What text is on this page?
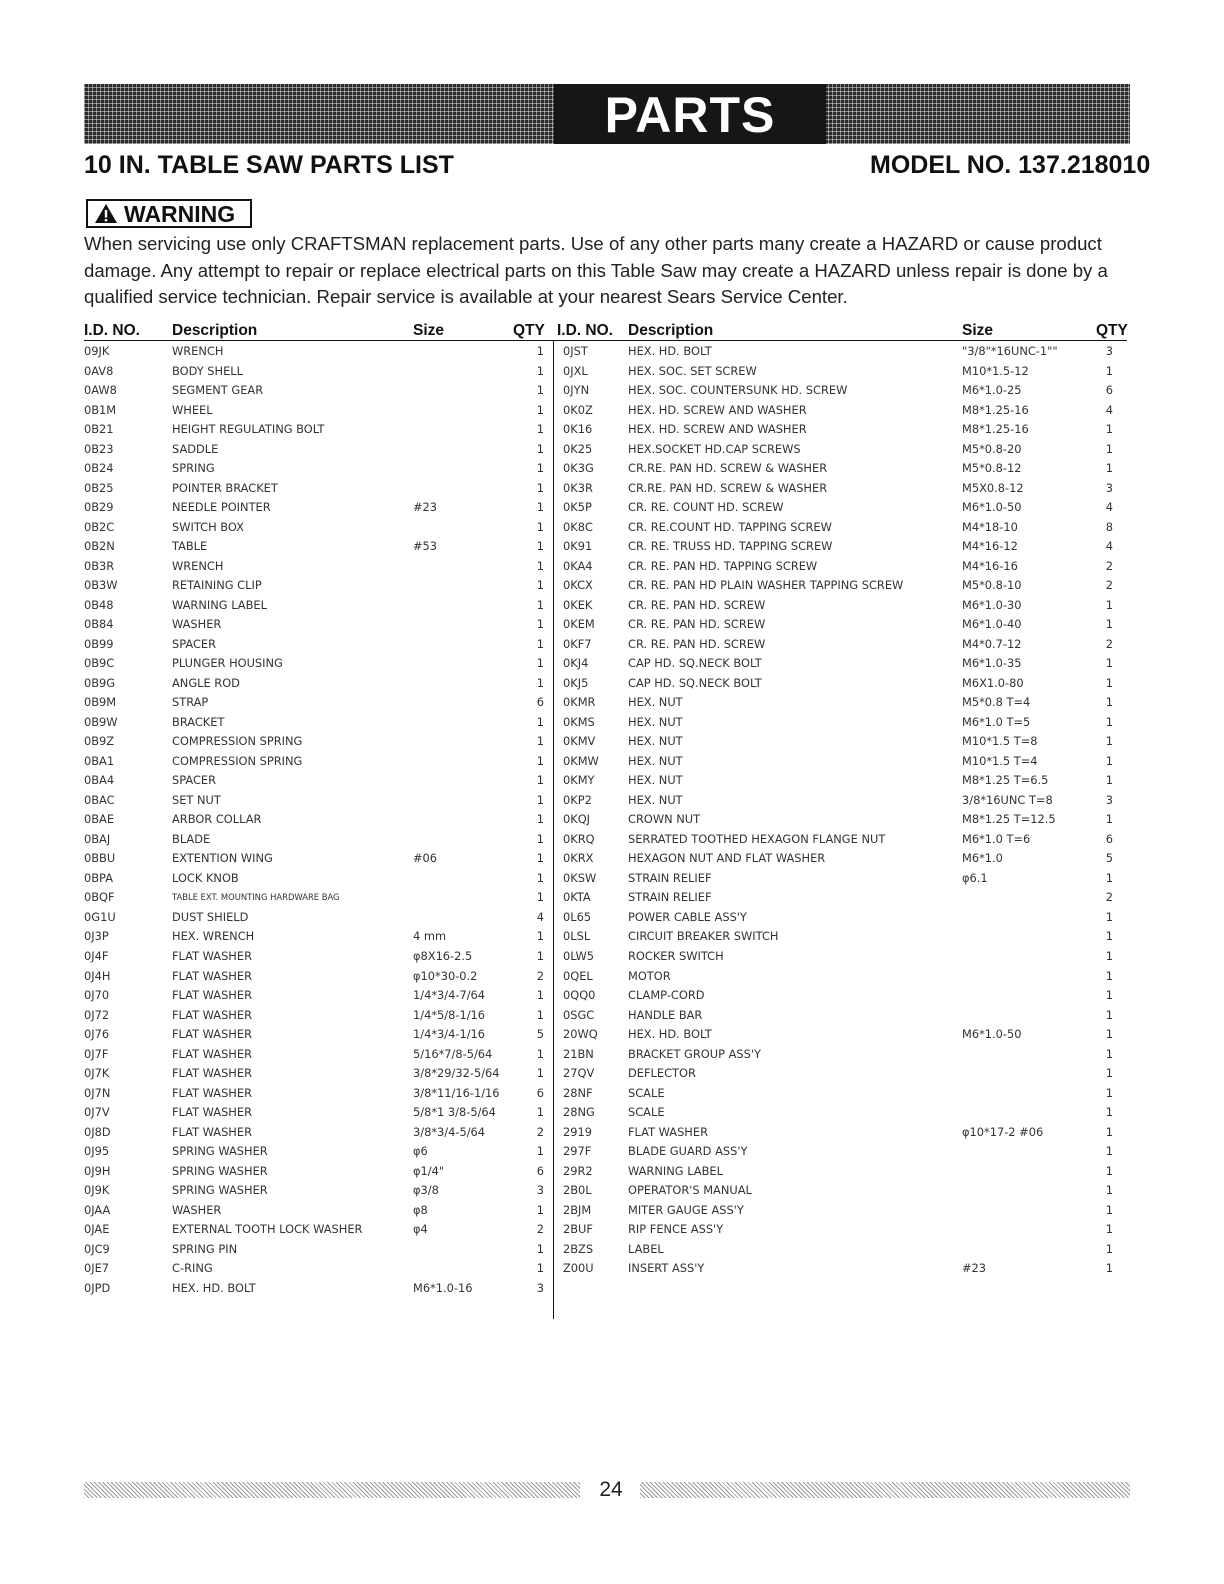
PARTS LIST
10 IN. TABLE SAW PARTS LIST	MODEL NO. 137.218010
WARNING
When servicing use only CRAFTSMAN replacement parts. Use of any other parts many create a HAZARD or cause product damage. Any attempt to repair or replace electrical parts on this Table Saw may create a HAZARD unless repair is done by a qualified service technician. Repair service is available at your nearest Sears Service Center.
I.D. NO. Description	Size	QTY I.D. NO. Description	Size	QTY
09JK	WRENCH	1
0AV8	BODY SHELL	1
0AW8	SEGMENT GEAR	1
0B1M	WHEEL	1
0B21	HEIGHT REGULATING BOLT	1
0B23	SADDLE	1
0B24	SPRING	1
0B25	POINTER BRACKET	1
0B29	NEEDLE POINTER	#23	1
0B2C	SWITCH BOX	1
0B2N	TABLE	#53	1
0B3R	WRENCH	1
0B3W	RETAINING CLIP	1
0B48	WARNING LABEL	1
0B84	WASHER	1
0B99	SPACER	1
0B9C	PLUNGER HOUSING	1
0B9G	ANGLE ROD	1
0B9M	STRAP	6
0B9W	BRACKET	1
0B9Z	COMPRESSION SPRING	1
0BA1	COMPRESSION SPRING	1
0BA4	SPACER	1
0BAC	SET NUT	1
0BAE	ARBOR COLLAR	1
0BAJ	BLADE	1
0BBU	EXTENTION WING	#06	1
0BPA	LOCK KNOB	1
0BQF	TABLE EXT. MOUNTING HARDWARE BAG	1
0G1U	DUST SHIELD	4
0J3P	HEX. WRENCH	4 mm	1
0J4F	FLAT WASHER	φ8X16-2.5	1
0J4H	FLAT WASHER	φ10*30-0.2	2
0J70	FLAT WASHER	1/4*3/4-7/64	1
0J72	FLAT WASHER	1/4*5/8-1/16	1
0J76	FLAT WASHER	1/4*3/4-1/16	5
0J7F	FLAT WASHER	5/16*7/8-5/64	1
0J7K	FLAT WASHER	3/8*29/32-5/64	1
0J7N	FLAT WASHER	3/8*11/16-1/16	6
0J7V	FLAT WASHER	5/8*1 3/8-5/64	1
0J8D	FLAT WASHER	3/8*3/4-5/64	2
0J95	SPRING WASHER	φ6	1
0J9H	SPRING WASHER	φ1/4"	6
0J9K	SPRING WASHER	φ3/8	3
0JAA	WASHER	φ8	1
0JAE	EXTERNAL TOOTH LOCK WASHER	φ4	2
0JC9	SPRING PIN	1
0JE7	C-RING	1
0JPD	HEX. HD. BOLT	M6*1.0-16	3
0JST	HEX. HD. BOLT	"3/8"*16UNC-1""	3
0JXL	HEX. SOC. SET SCREW	M10*1.5-12	1
0JYN	HEX. SOC. COUNTERSUNK HD. SCREW	M6*1.0-25	6
0K0Z	HEX. HD. SCREW AND WASHER	M8*1.25-16	4
0K16	HEX. HD. SCREW AND WASHER	M8*1.25-16	1
0K25	HEX.SOCKET HD.CAP SCREWS	M5*0.8-20	1
0K3G	CR.RE. PAN HD. SCREW & WASHER	M5*0.8-12	1
0K3R	CR.RE. PAN HD. SCREW & WASHER	M5X0.8-12	3
0K5P	CR. RE. COUNT HD. SCREW	M6*1.0-50	4
0K8C	CR. RE.COUNT HD. TAPPING SCREW	M4*18-10	8
0K91	CR. RE. TRUSS HD. TAPPING SCREW	M4*16-12	4
0KA4	CR. RE. PAN HD. TAPPING SCREW	M4*16-16	2
0KCX	CR. RE. PAN HD PLAIN WASHER TAPPING SCREW	M5*0.8-10	2
0KEK	CR. RE. PAN HD. SCREW	M6*1.0-30	1
0KEM	CR. RE. PAN HD. SCREW	M6*1.0-40	1
0KF7	CR. RE. PAN HD. SCREW	M4*0.7-12	2
0KJ4	CAP HD. SQ.NECK BOLT	M6*1.0-35	1
0KJ5	CAP HD. SQ.NECK BOLT	M6X1.0-80	1
0KMR	HEX. NUT	M5*0.8 T=4	1
0KMS	HEX. NUT	M6*1.0 T=5	1
0KMV	HEX. NUT	M10*1.5 T=8	1
0KMW	HEX. NUT	M10*1.5 T=4	1
0KMY	HEX. NUT	M8*1.25 T=6.5	1
0KP2	HEX. NUT	3/8*16UNC T=8	3
0KQJ	CROWN NUT	M8*1.25 T=12.5	1
0KRQ	SERRATED TOOTHED HEXAGON FLANGE NUT	M6*1.0 T=6	6
0KRX	HEXAGON NUT AND FLAT WASHER	M6*1.0	5
0KSW	STRAIN RELIEF	φ6.1	1
0KTA	STRAIN RELIEF	2
0L65	POWER CABLE ASS'Y	1
0LSL	CIRCUIT BREAKER SWITCH	1
0LW5	ROCKER SWITCH	1
0QEL	MOTOR	1
0QQ0	CLAMP-CORD	1
0SGC	HANDLE BAR	1
20WQ	HEX. HD. BOLT	M6*1.0-50	1
21BN	BRACKET GROUP ASS'Y	1
27QV	DEFLECTOR	1
28NF	SCALE	1
28NG	SCALE	1
2919	FLAT WASHER	φ10*17-2 #06	1
297F	BLADE GUARD ASS'Y	1
29R2	WARNING LABEL	1
2B0L	OPERATOR'S MANUAL	1
2BJM	MITER GAUGE ASS'Y	1
2BUF	RIP FENCE ASS'Y	1
2BZS	LABEL	1
Z00U	INSERT ASS'Y	#23	1
24
